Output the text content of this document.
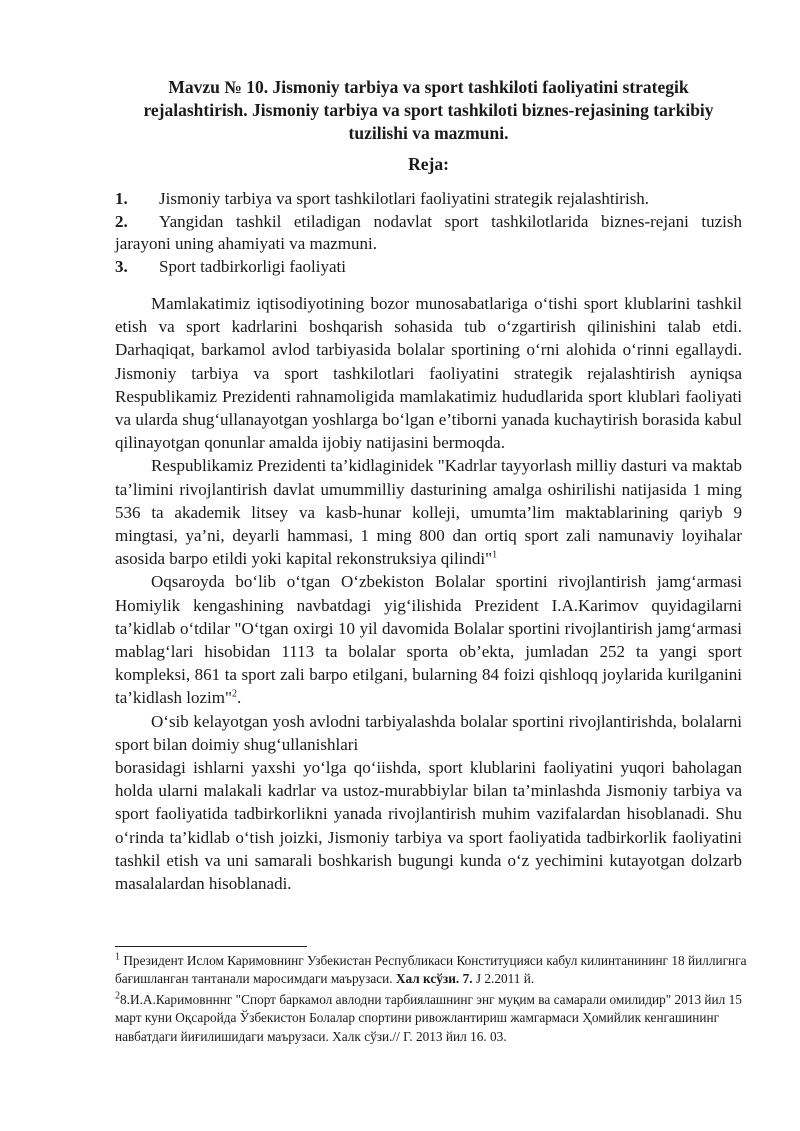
Mavzu № 10. Jismoniy tarbiya va sport tashkiloti faoliyatini strategik rejalashtirish. Jismoniy tarbiya va sport tashkiloti biznes-rejasining tarkibiy tuzilishi va mazmuni.
Reja:
1. Jismoniy tarbiya va sport tashkilotlari faoliyatini strategik rejalashtirish.
2. Yangidan tashkil etiladigan nodavlat sport tashkilotlarida biznes-rejani tuzish jarayoni uning ahamiyati va mazmuni.
3. Sport tadbirkorligi faoliyati

Mamlakatimiz iqtisodiyotining bozor munosabatlariga o‘tishi sport klublarini tashkil etish va sport kadrlarini boshqarish sohasida tub o‘zgartirish qilinishini talab etdi. Darhaqiqat, barkamol avlod tarbiyasida bolalar sportining o‘rni alohida o‘rinni egallaydi. Jismoniy tarbiya va sport tashkilotlari faoliyatini strategik rejalashtirish ayniqsa Respublikamiz Prezidenti rahnamoligida mamlakatimiz hududlarida sport klublari faoliyati va ularda shug‘ullanayotgan yoshlarga bo‘lgan e’tiborni yanada kuchaytirish borasida kabul qilinayotgan qonunlar amalda ijobiy natijasini bermoqda.

Respublikamiz Prezidenti ta’kidlaginidek "Kadrlar tayyorlash milliy dasturi va maktab ta’limini rivojlantirish davlat umummilliy dasturining amalga oshirilishi natijasida 1 ming 536 ta akademik litsey va kasb-hunar kolleji, umumta’lim maktablarining qariyb 9 mingtasi, ya’ni, deyarli hammasi, 1 ming 800 dan ortiq sport zali namunaviy loyihalar asosida barpo etildi yoki kapital rekonstruksiya qilindi"$^1$

Oqsaroyda bo‘lib o‘tgan O‘zbekiston Bolalar sportini rivojlantirish jamg‘armasi Homiylik kengashining navbatdagi yig‘ilishida Prezident I.A.Karimov quyidagilarni ta’kidlab o‘tdilar "O‘tgan oxirgi 10 yil davomida Bolalar sportini rivojlantirish jamg‘armasi mablag‘lari hisobidan 1113 ta bolalar sporta ob’ekta, jumladan 252 ta yangi sport kompleksi, 861 ta sport zali barpo etilgani, bularning 84 foizi qishloqq joylarida kurilganini ta’kidlash lozim"$^2$.

O‘sib kelayotgan yosh avlodni tarbiyalashda bolalar sportini rivojlantirishda, bolalarni sport bilan doimiy shug‘ullanishlari

borasidagi ishlarni yaxshi yo‘lga qo‘iishda, sport klublarini faoliyatini yuqori baholagan holda ularni malakali kadrlar va ustoz-murabbiylar bilan ta’minlashda Jismoniy tarbiya va sport faoliyatida tadbirkorlikni yanada rivojlantirish muhim vazifalardan hisoblanadi. Shu o‘rinda ta’kidlab o‘tish joizki, Jismoniy tarbiya va sport faoliyatida tadbirkorlik faoliyatini tashkil etish va uni samarali boshkarish bugungi kunda o‘z yechimini kutayotgan dolzarb masalalardan hisoblanadi.

$^1$ Президент Ислом Каримовнинг Узбекистан Республикаси Конституцияси кабул килинтанининг 18 йиллигнга бағишланган тантанали маросимдаги маърузаси. Хал ксўзи. 7. J 2.2011 й.

$^2$8.И.А.Каримовнннг "Спорт баркамол авлодни тарбиялашнинг энг муқим ва самарали омилидир" 2013 йил 15 март куни Оқсаройда Ўзбекистон Болалар спортини ривожлантириш жамгармаси Ҳомийлик кенгашининг навбатдаги йиғилишидаги маърузаси. Халк сўзи.// Г. 2013 йил 16. 03.
